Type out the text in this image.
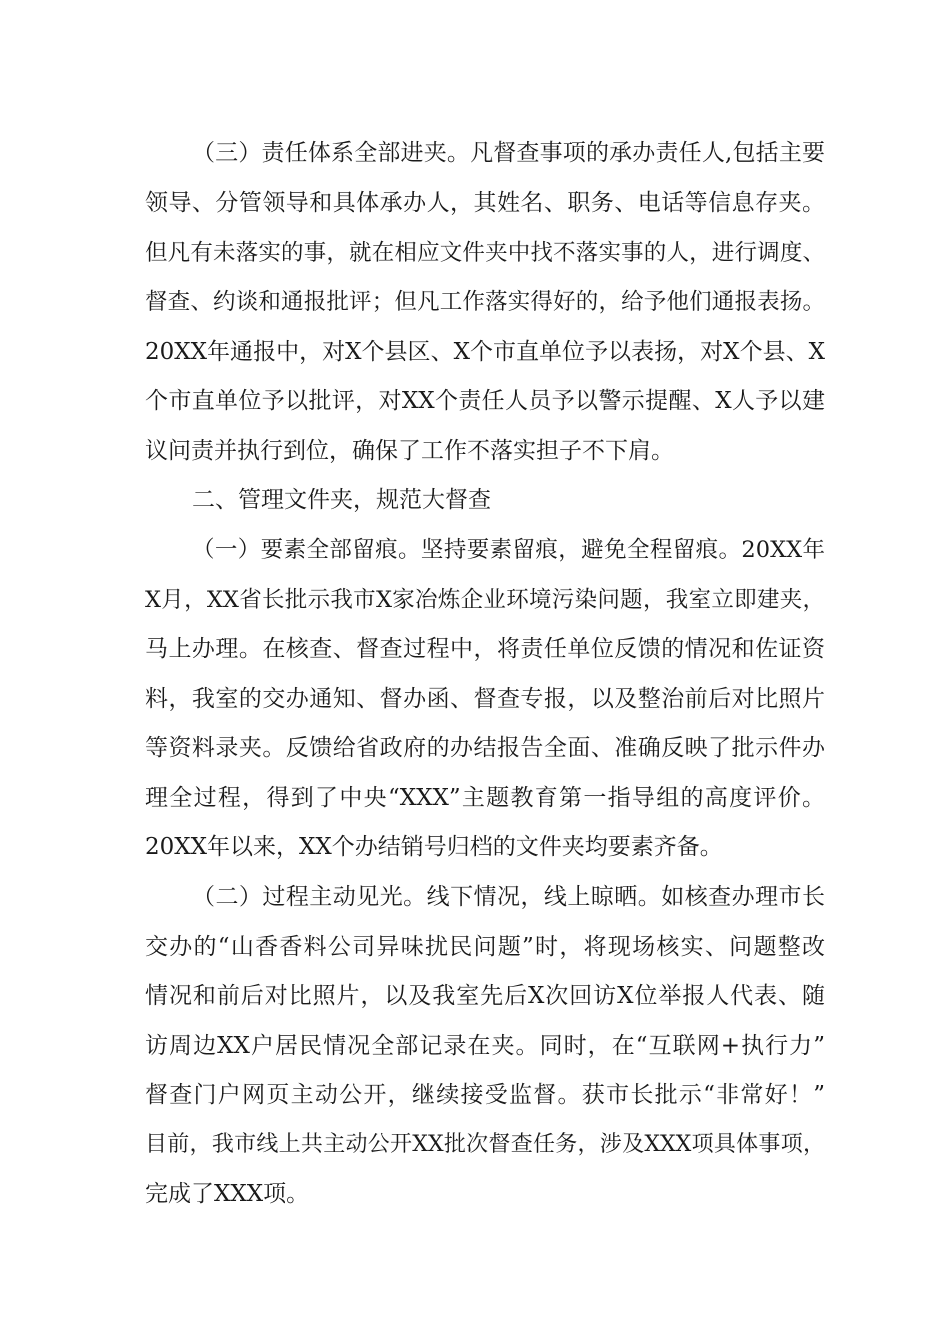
（三）责任体系全部进夹。凡督查事项的承办责任人,包括主要
领导、分管领导和具体承办人，其姓名、职务、电话等信息存夹。
但凡有未落实的事，就在相应文件夹中找不落实事的人，进行调度、
督查、约谈和通报批评；但凡工作落实得好的，给予他们通报表扬。
20XX年通报中，对X个县区、X个市直单位予以表扬，对X个县、X
个市直单位予以批评，对XX个责任人员予以警示提醒、X人予以建
议问责并执行到位，确保了工作不落实担子不下肩。
二、管理文件夹，规范大督查
（一）要素全部留痕。坚持要素留痕，避免全程留痕。20XX年
X月，XX省长批示我市X家冶炼企业环境污染问题，我室立即建夹，
马上办理。在核查、督查过程中，将责任单位反馈的情况和佐证资
料，我室的交办通知、督办函、督查专报，以及整治前后对比照片
等资料录夹。反馈给省政府的办结报告全面、准确反映了批示件办
理全过程，得到了中央“XXX”主题教育第一指导组的高度评价。
20XX年以来，XX个办结销号归档的文件夹均要素齐备。
（二）过程主动见光。线下情况，线上晾晒。如核查办理市长
交办的“山香香料公司异味扰民问题”时，将现场核实、问题整改
情况和前后对比照片，以及我室先后X次回访X位举报人代表、随
访周边XX户居民情况全部记录在夹。同时，在“互联网+执行力”
督查门户网页主动公开，继续接受监督。获市长批示“非常好！”
目前，我市线上共主动公开XX批次督查任务，涉及XXX项具体事项，
完成了XXX项。
